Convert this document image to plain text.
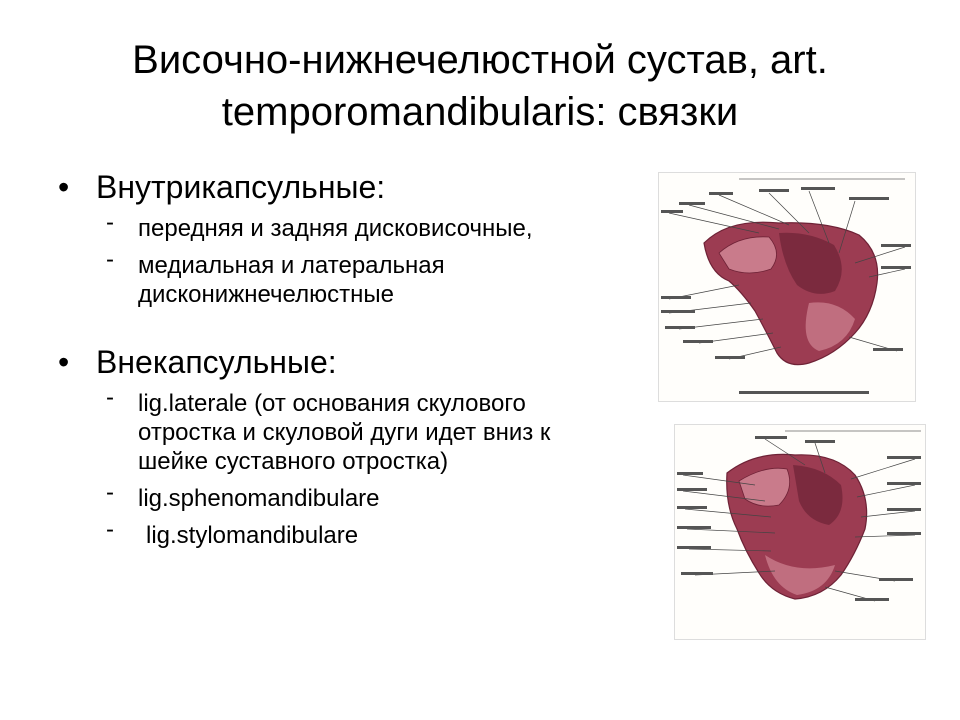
Височно-нижнечелюстной сустав, art.
temporomandibularis: связки
• Внутрикапсульные:
- передняя и задняя дисковисочные,
- медиальная и латеральная дисконижнечелюстные
• Внекапсульные:
- lig.laterale (от основания скулового отростка и скуловой дуги идет вниз к шейке суставного отростка)
- lig.sphenomandibulare
- lig.stylomandibulare
